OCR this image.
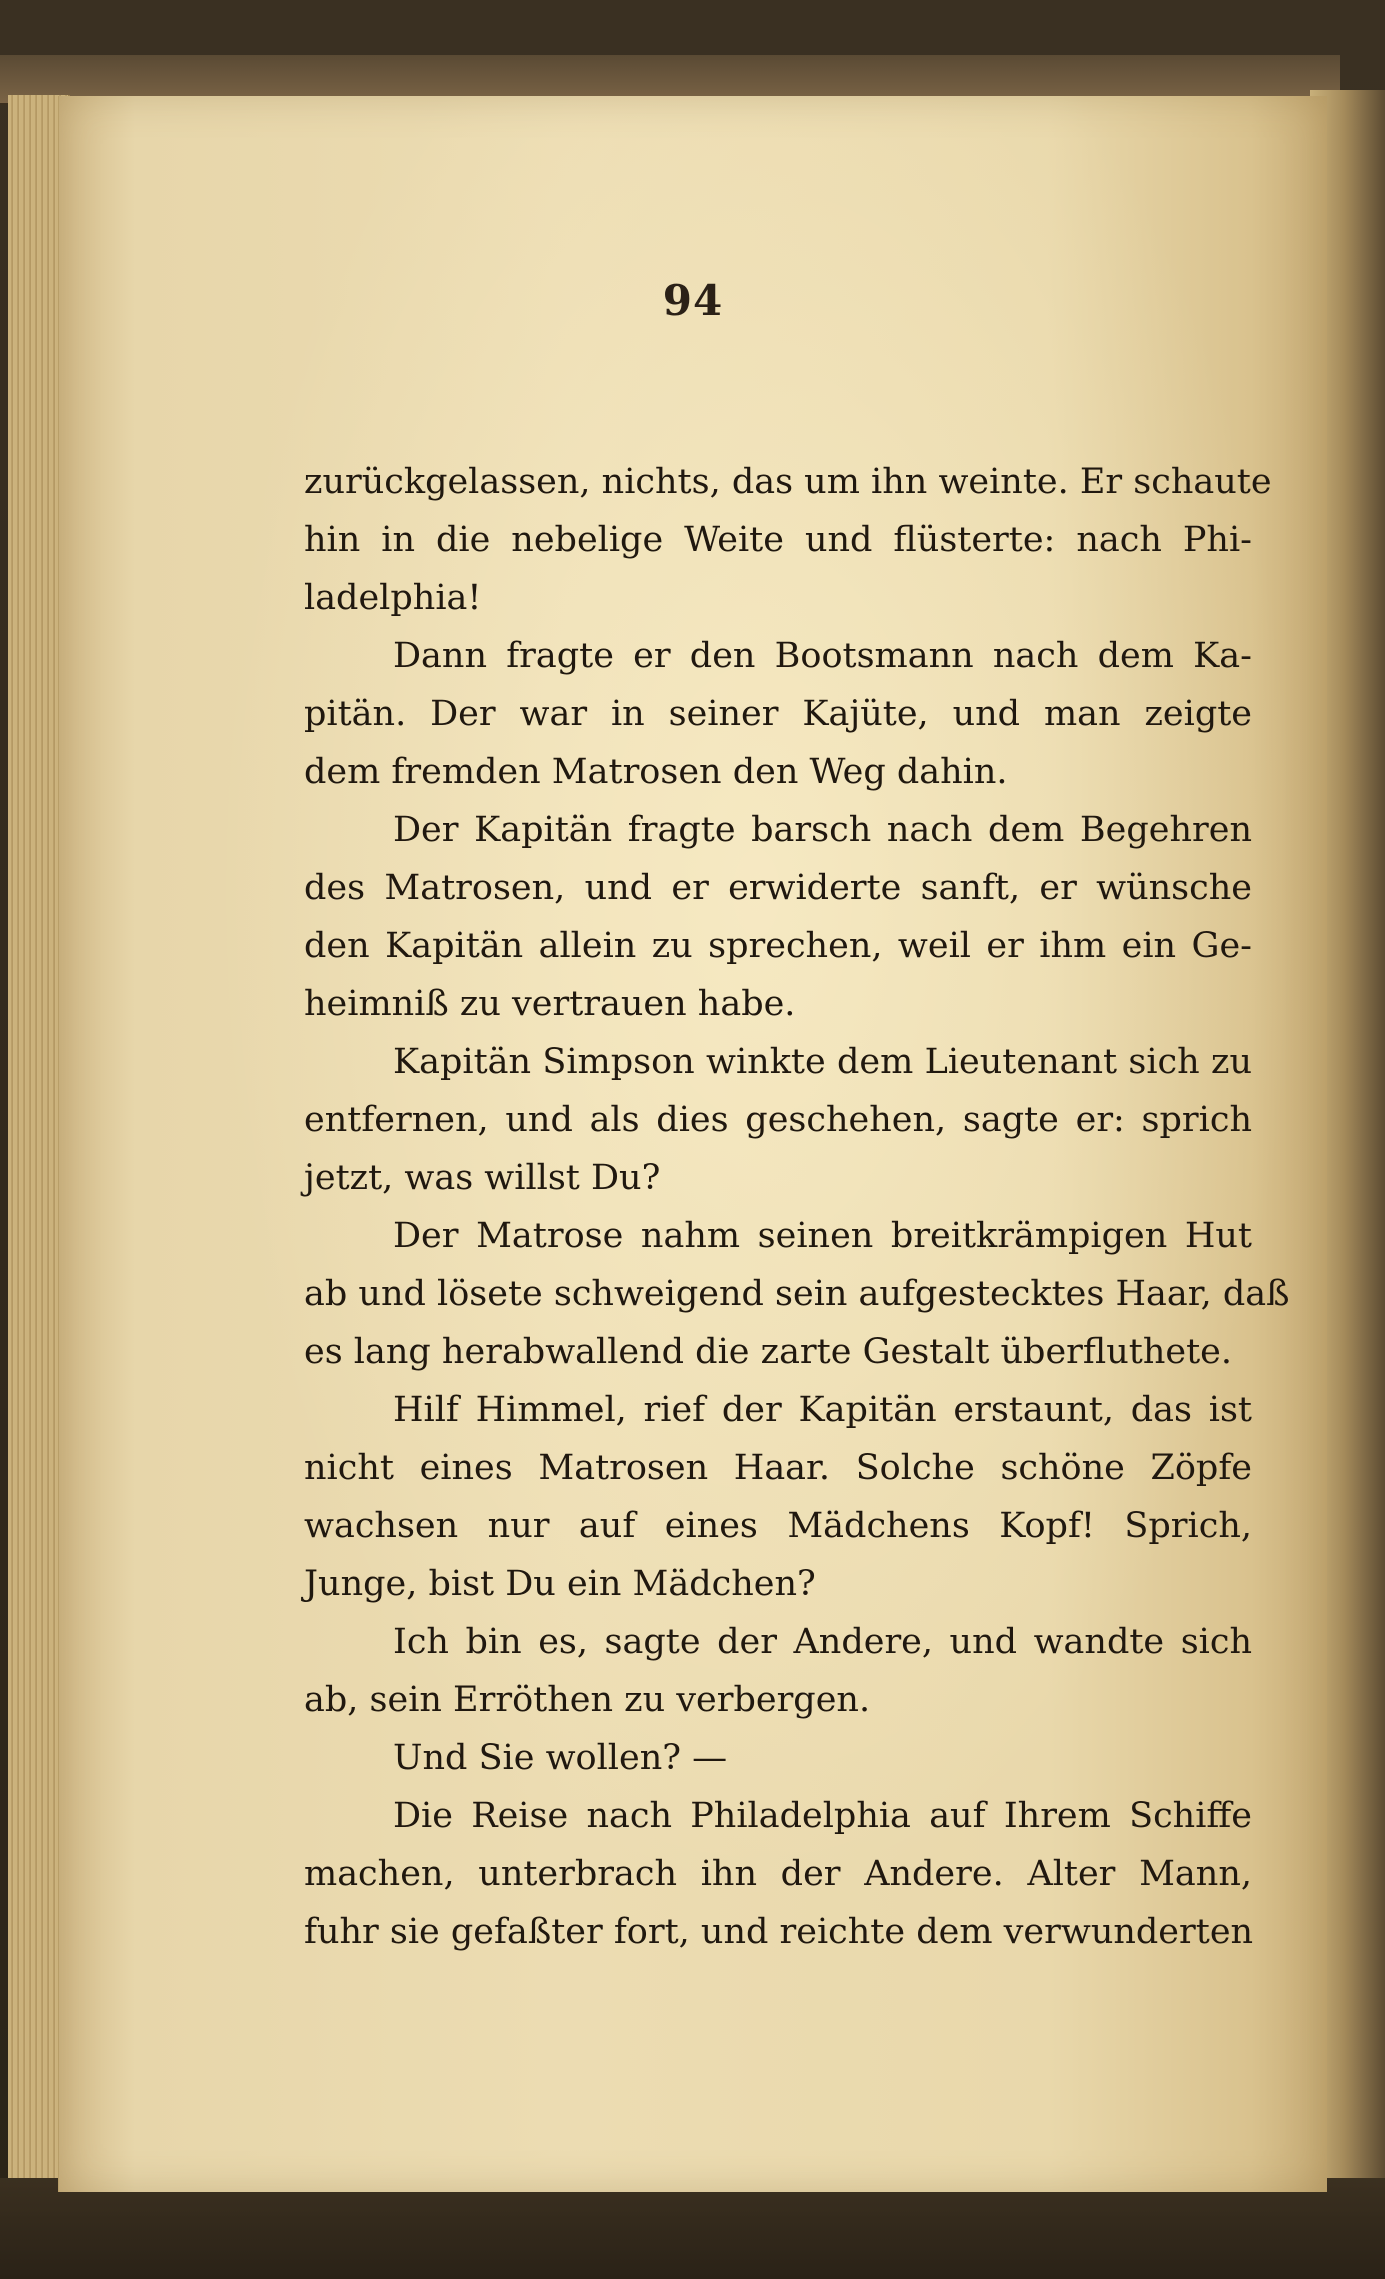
94
zurückgelassen, nichts, das um ihn weinte. Er schaute
hin in die nebelige Weite und flüsterte: nach Phi-
ladelphia!
Dann fragte er den Bootsmann nach dem Ka-
pitän. Der war in seiner Kajüte, und man zeigte
dem fremden Matrosen den Weg dahin.
Der Kapitän fragte barsch nach dem Begehren
des Matrosen, und er erwiderte sanft, er wünsche
den Kapitän allein zu sprechen, weil er ihm ein Ge-
heimniß zu vertrauen habe.
Kapitän Simpson winkte dem Lieutenant sich zu
entfernen, und als dies geschehen, sagte er: sprich
jetzt, was willst Du?
Der Matrose nahm seinen breitkrämpigen Hut
ab und lösete schweigend sein aufgestecktes Haar, daß
es lang herabwallend die zarte Gestalt überfluthete.
Hilf Himmel, rief der Kapitän erstaunt, das ist
nicht eines Matrosen Haar. Solche schöne Zöpfe
wachsen nur auf eines Mädchens Kopf! Sprich,
Junge, bist Du ein Mädchen?
Ich bin es, sagte der Andere, und wandte sich
ab, sein Erröthen zu verbergen.
Und Sie wollen? —
Die Reise nach Philadelphia auf Ihrem Schiffe
machen, unterbrach ihn der Andere. Alter Mann,
fuhr sie gefaßter fort, und reichte dem verwunderten
